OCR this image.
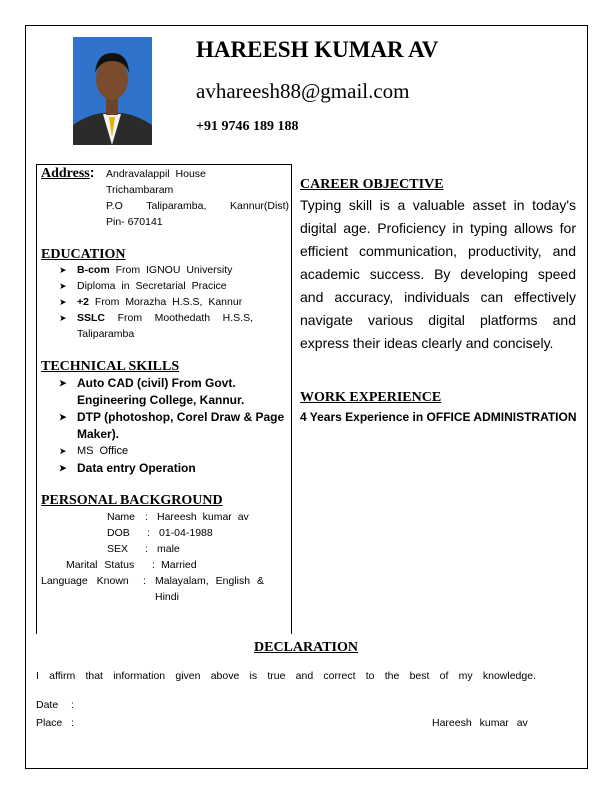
HAREESH KUMAR AV
avhareesh88@gmail.com
+91 9746 189 188
Address: Andravalappil House
Trichambaram
P.O Taliparamba, Kannur(Dist)
Pin- 670141
EDUCATION
➤ B-com From IGNOU University
➤ Diploma in Secretarial Pracice
➤ +2 From Morazha H.S.S, Kannur
➤ SSLC From Moothedath H.S.S, Taliparamba
TECHNICAL SKILLS
➤ Auto CAD (civil) From Govt. Engineering College, Kannur.
➤ DTP (photoshop, Corel Draw & Page Maker).
➤ MS Office
➤ Data entry Operation
PERSONAL BACKGROUND
Name : Hareesh kumar av
DOB : 01-04-1988
SEX : male
Marital Status : Married
Language Known : Malayalam, English & Hindi
CAREER OBJECTIVE

Typing skill is a valuable asset in today's digital age. Proficiency in typing allows for efficient communication, productivity, and academic success. By developing speed and accuracy, individuals can effectively navigate various digital platforms and express their ideas clearly and concisely.

WORK EXPERIENCE
4 Years Experience in OFFICE ADMINISTRATION
DECLARATION
I affirm that information given above is true and correct to the best of my knowledge.
Date :
Place :	Hareesh kumar av
